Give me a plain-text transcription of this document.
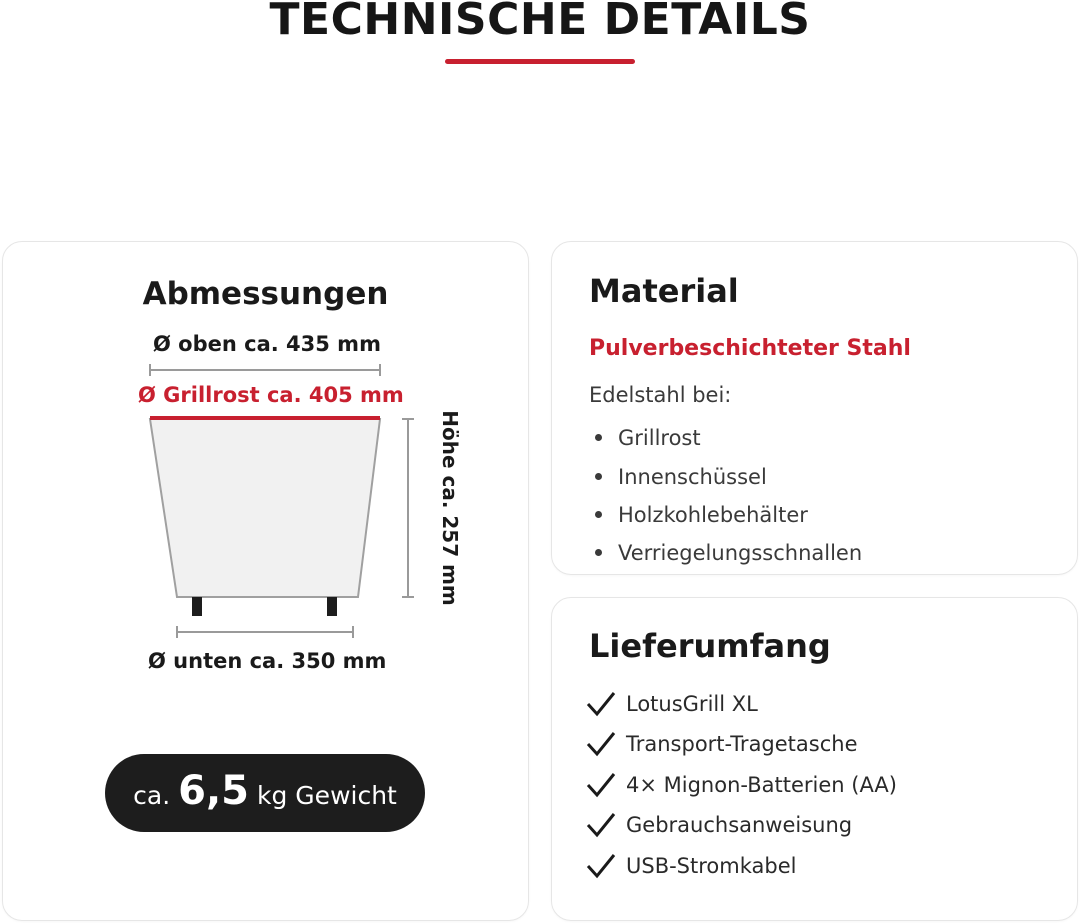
TECHNISCHE DETAILS
Abmessungen
Ø oben ca. 435 mm
Ø Grillrost ca. 405 mm
Ø unten ca. 350 mm
Höhe ca. 257 mm
ca. 6,5 kg Gewicht
Material
Pulverbeschichteter Stahl
Edelstahl bei:
Grillrost
Innenschüssel
Holzkohlebehälter
Verriegelungsschnallen
Lieferumfang
LotusGrill XL
Transport-Tragetasche
4× Mignon-Batterien (AA)
Gebrauchsanweisung
USB-Stromkabel
